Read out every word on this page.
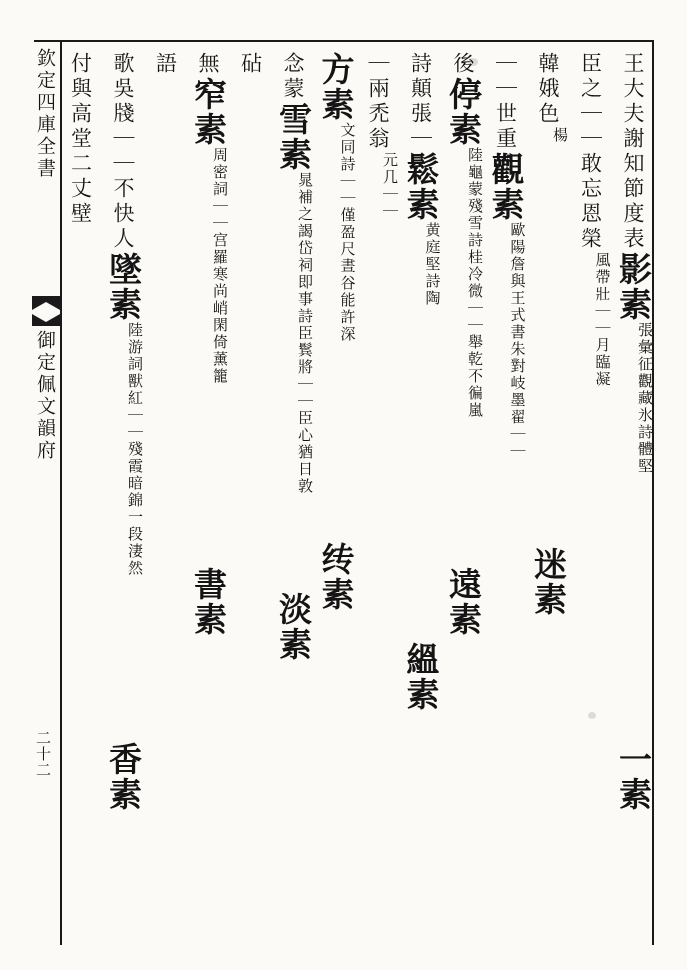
欽定四庫全書
御定佩文韻府
二十二
王大夫謝知節度表影素張彙征觀藏氷詩體堅一素
臣之｜｜敢忘恩榮風帶壯｜｜月臨凝
韓娥色楊迷素
｜｜世重觀素歐陽詹與王式書朱對岐墨翟｜｜
後停素陸龜蒙殘雪詩桂冷微｜｜舉乾不徧嵐遠素
詩顛張｜鬆素黄庭堅詩陶縕素
｜兩禿翁元几｜｜
方素文同詩｜｜僅盈尺晝谷能許深䌸素
念蒙雪素晁補之謁岱祠即事詩臣鬂將｜｜臣心猶日敦淡素
砧
無窄素周密詞｜｜宫羅寒尚峭閑倚薰籠書素
語
歌吳牋｜｜不快人墜素陸游詞獸紅｜｜殘霞暗錦一段淒然香素
付與高堂二丈壁
